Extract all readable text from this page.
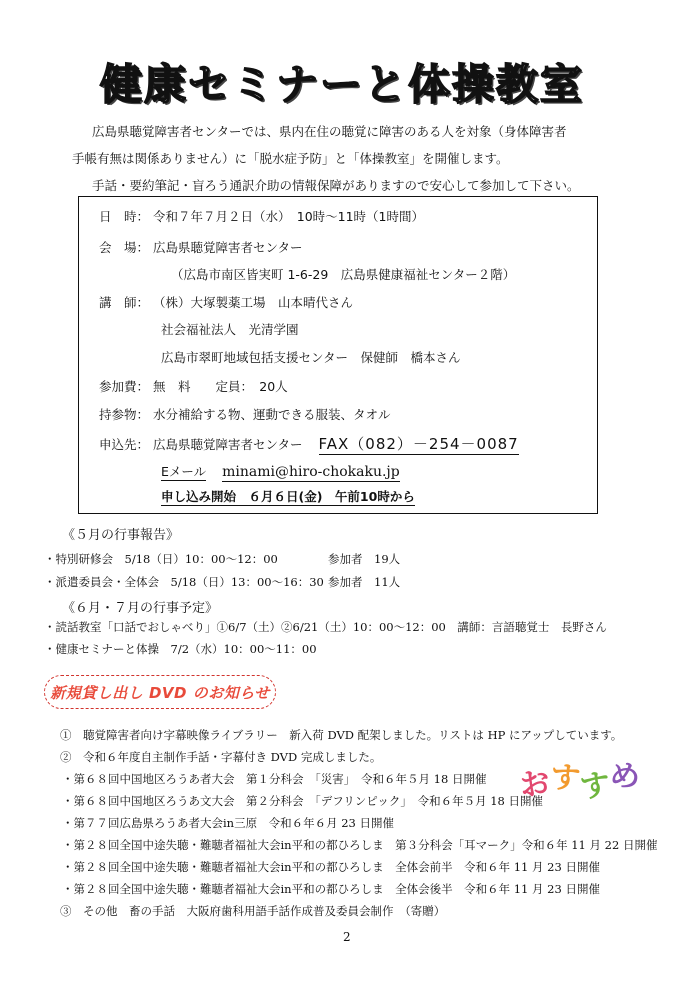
健康セミナーと体操教室
広島県聴覚障害者センターでは、県内在住の聴覚に障害のある人を対象（身体障害者
手帳有無は関係ありません）に「脱水症予防」と「体操教室」を開催します。
手話・要約筆記・盲ろう通訳介助の情報保障がありますので安心して参加して下さい。
日　時： 令和７年７月２日（水）　10時～11時（1時間）
会　場： 広島県聴覚障害者センター
（広島市南区皆実町 1-6-29　広島県健康福祉センター２階）
講　師： （株）大塚製薬工場　山本晴代さん
社会福祉法人　光清学園
広島市翠町地域包括支援センター　保健師　橋本さん
参加費： 無　料　　定員：　20人
持参物： 水分補給する物、運動できる服装、タオル
申込先： 広島県聴覚障害者センター FAX（082）－254－0087
Eメール minami@hiro-chokaku.jp
申し込み開始　６月６日(金)　午前10時から
《５月の行事報告》
・特別研修会　5/18（日）10：00～12：00	参加者　19人
・派遣委員会・全体会　5/18（日）13：00～16：30 参加者　11人
《６月・７月の行事予定》
・読話教室「口話でおしゃべり」①6/7（土）②6/21（土）10：00～12：00　講師：言語聴覚士　長野さん
・健康セミナーと体操　7/2（水）10：00～11：00
新規貸し出し DVD のお知らせ
①　聴覚障害者向け字幕映像ライブラリー　新入荷 DVD 配架しました。リストは HP にアップしています。
②　令和６年度自主制作手話・字幕付き DVD 完成しました。
・第６８回中国地区ろうあ者大会　第１分科会　「災害」　令和６年５月 18 日開催
・第６８回中国地区ろうあ文大会　第２分科会　「デフリンピック」　令和６年５月 18 日開催
・第７７回広島県ろうあ者大会in三原　令和６年６月 23 日開催
・第２８回全国中途失聴・難聴者福祉大会in平和の都ひろしま　第３分科会「耳マーク」令和６年 11 月 22 日開催
・第２８回全国中途失聴・難聴者福祉大会in平和の都ひろしま　全体会前半　令和６年 11 月 23 日開催
・第２８回全国中途失聴・難聴者福祉大会in平和の都ひろしま　全体会後半　令和６年 11 月 23 日開催
③　その他　畜の手話　大阪府歯科用語手話作成普及委員会制作　（寄贈）
おすすめ
2
